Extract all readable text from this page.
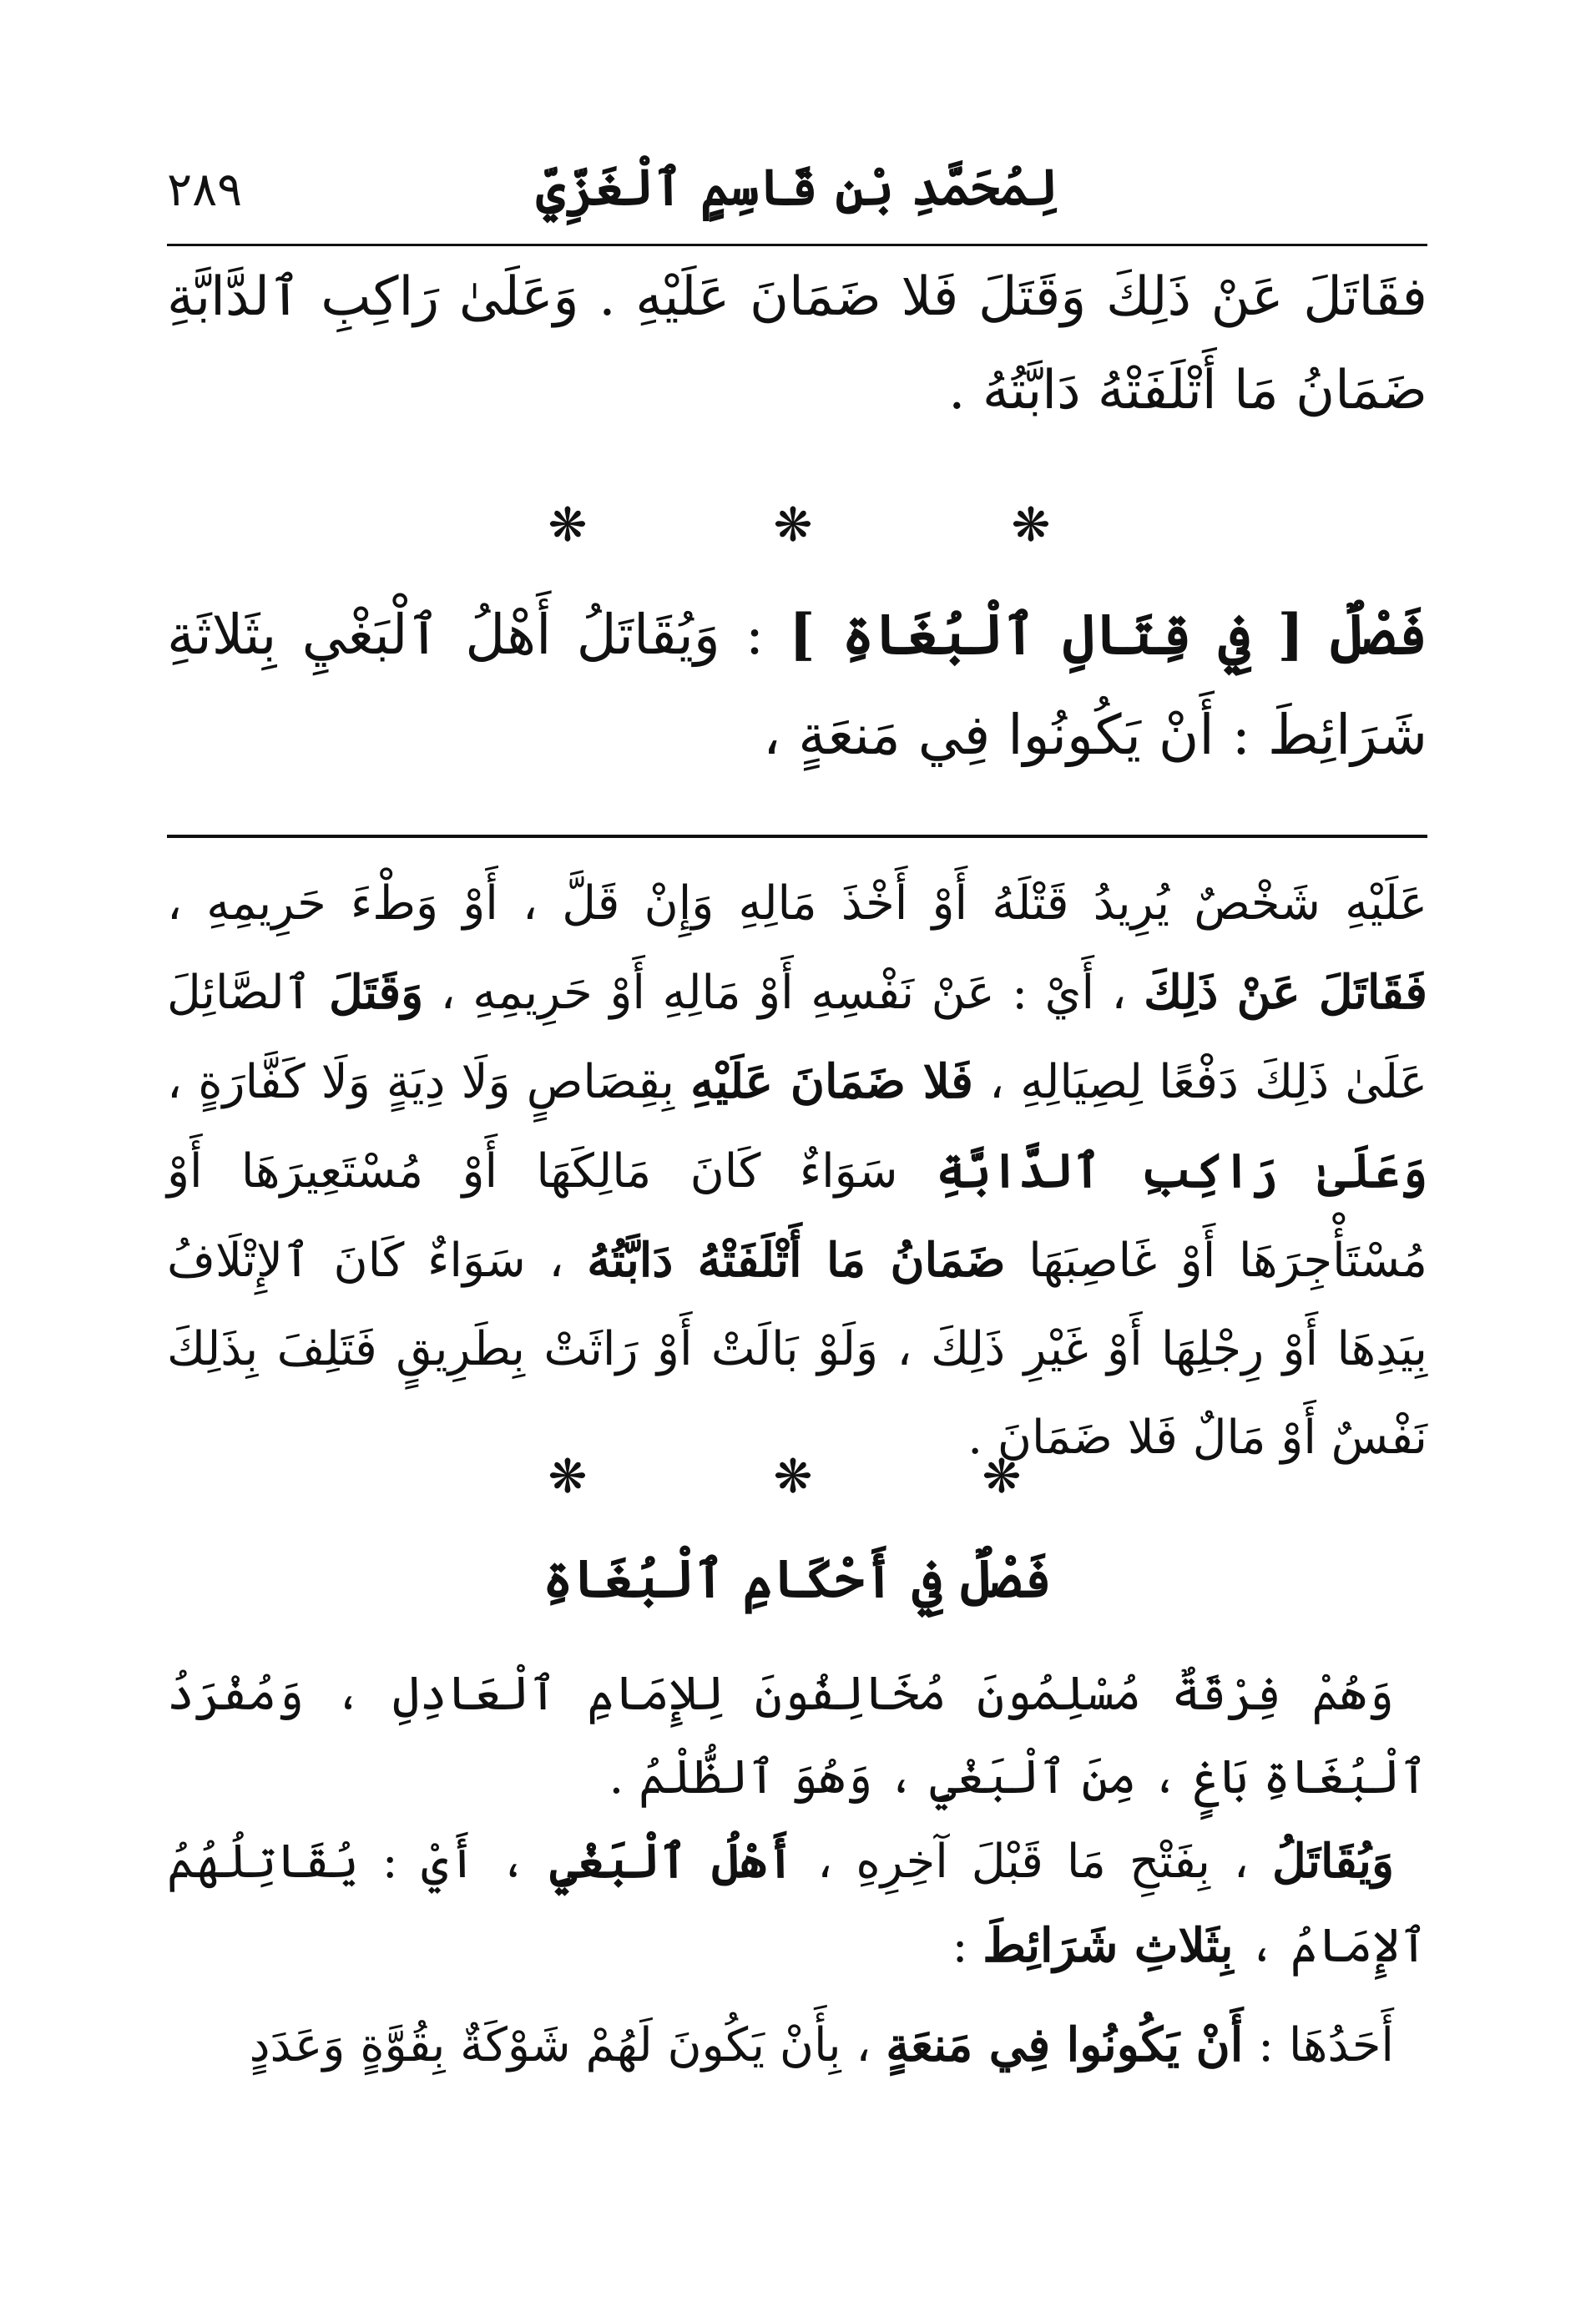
٢٨٩	لِمُحَمَّدِ بْنِ قَاسِمٍ ٱلْغَزِّيِّ
فقَاتَلَ عَنْ ذَلِكَ وَقَتَلَ فَلا ضَمَانَ عَلَيْهِ . وَعَلَىٰ رَاكِبِ ٱلدَّابَّةِ ضَمَانُ مَا أَتْلَفَتْهُ دَابَّتُهُ .
❋	❋	❋
فَصْلٌ [ فِي قِتَالِ ٱلْبُغَاةِ ] : وَيُقَاتَلُ أَهْلُ ٱلْبَغْيِ بِثَلاثَةِ شَرَائِطَ : أَنْ يَكُونُوا فِي مَنعَةٍ ،
عَلَيْهِ شَخْصٌ يُرِيدُ قَتْلَهُ أَوْ أَخْذَ مَالِهِ وَإِنْ قَلَّ ، أَوْ وَطْءَ حَرِيمِهِ ، فَقَاتَلَ عَنْ ذَلِكَ ، أَيْ : عَنْ نَفْسِهِ أَوْ مَالِهِ أَوْ حَرِيمِهِ ، وَقَتَلَ ٱلصَّائِلَ عَلَىٰ ذَلِكَ دَفْعًا لِصِيَالِهِ ، فَلا ضَمَانَ عَلَيْهِ بِقِصَاصٍ وَلَا دِيَةٍ وَلَا كَفَّارَةٍ ، وَعَلَىٰ رَاكِبِ ٱلدَّابَّةِ سَوَاءٌ كَانَ مَالِكَهَا أَوْ مُسْتَعِيرَهَا أَوْ مُسْتَأْجِرَهَا أَوْ غَاصِبَهَا ضَمَانُ مَا أَتْلَفَتْهُ دَابَّتُهُ ، سَوَاءٌ كَانَ ٱلإِتْلَافُ بِيَدِهَا أَوْ رِجْلِهَا أَوْ غَيْرِ ذَلِكَ ، وَلَوْ بَالَتْ أَوْ رَاثَتْ بِطَرِيقٍ فَتَلِفَ بِذَلِكَ نَفْسٌ أَوْ مَالٌ فَلا ضَمَانَ .
❋	❋	❋
فَصْلٌ فِي أَحْكَامِ ٱلْبُغَاةِ
وَهُمْ فِرْقَةٌ مُسْلِمُونَ مُخَالِفُونَ لِلإِمَامِ ٱلْعَادِلِ ، وَمُفْرَدُ ٱلْبُغَاةِ بَاغٍ ، مِنَ ٱلْبَغْيِ ، وَهُوَ ٱلظُّلْمُ .
وَيُقَاتَلُ ، بِفَتْحِ مَا قَبْلَ آخِرِهِ ، أَهْلُ ٱلْبَغْيِ ، أَيْ : يُقَاتِلُهُمُ ٱلإِمَامُ ، بِثَلاثِ شَرَائِطَ :
أَحَدُهَا : أَنْ يَكُونُوا فِي مَنعَةٍ ، بِأَنْ يَكُونَ لَهُمْ شَوْكَةٌ بِقُوَّةٍ وَعَدَدٍ
